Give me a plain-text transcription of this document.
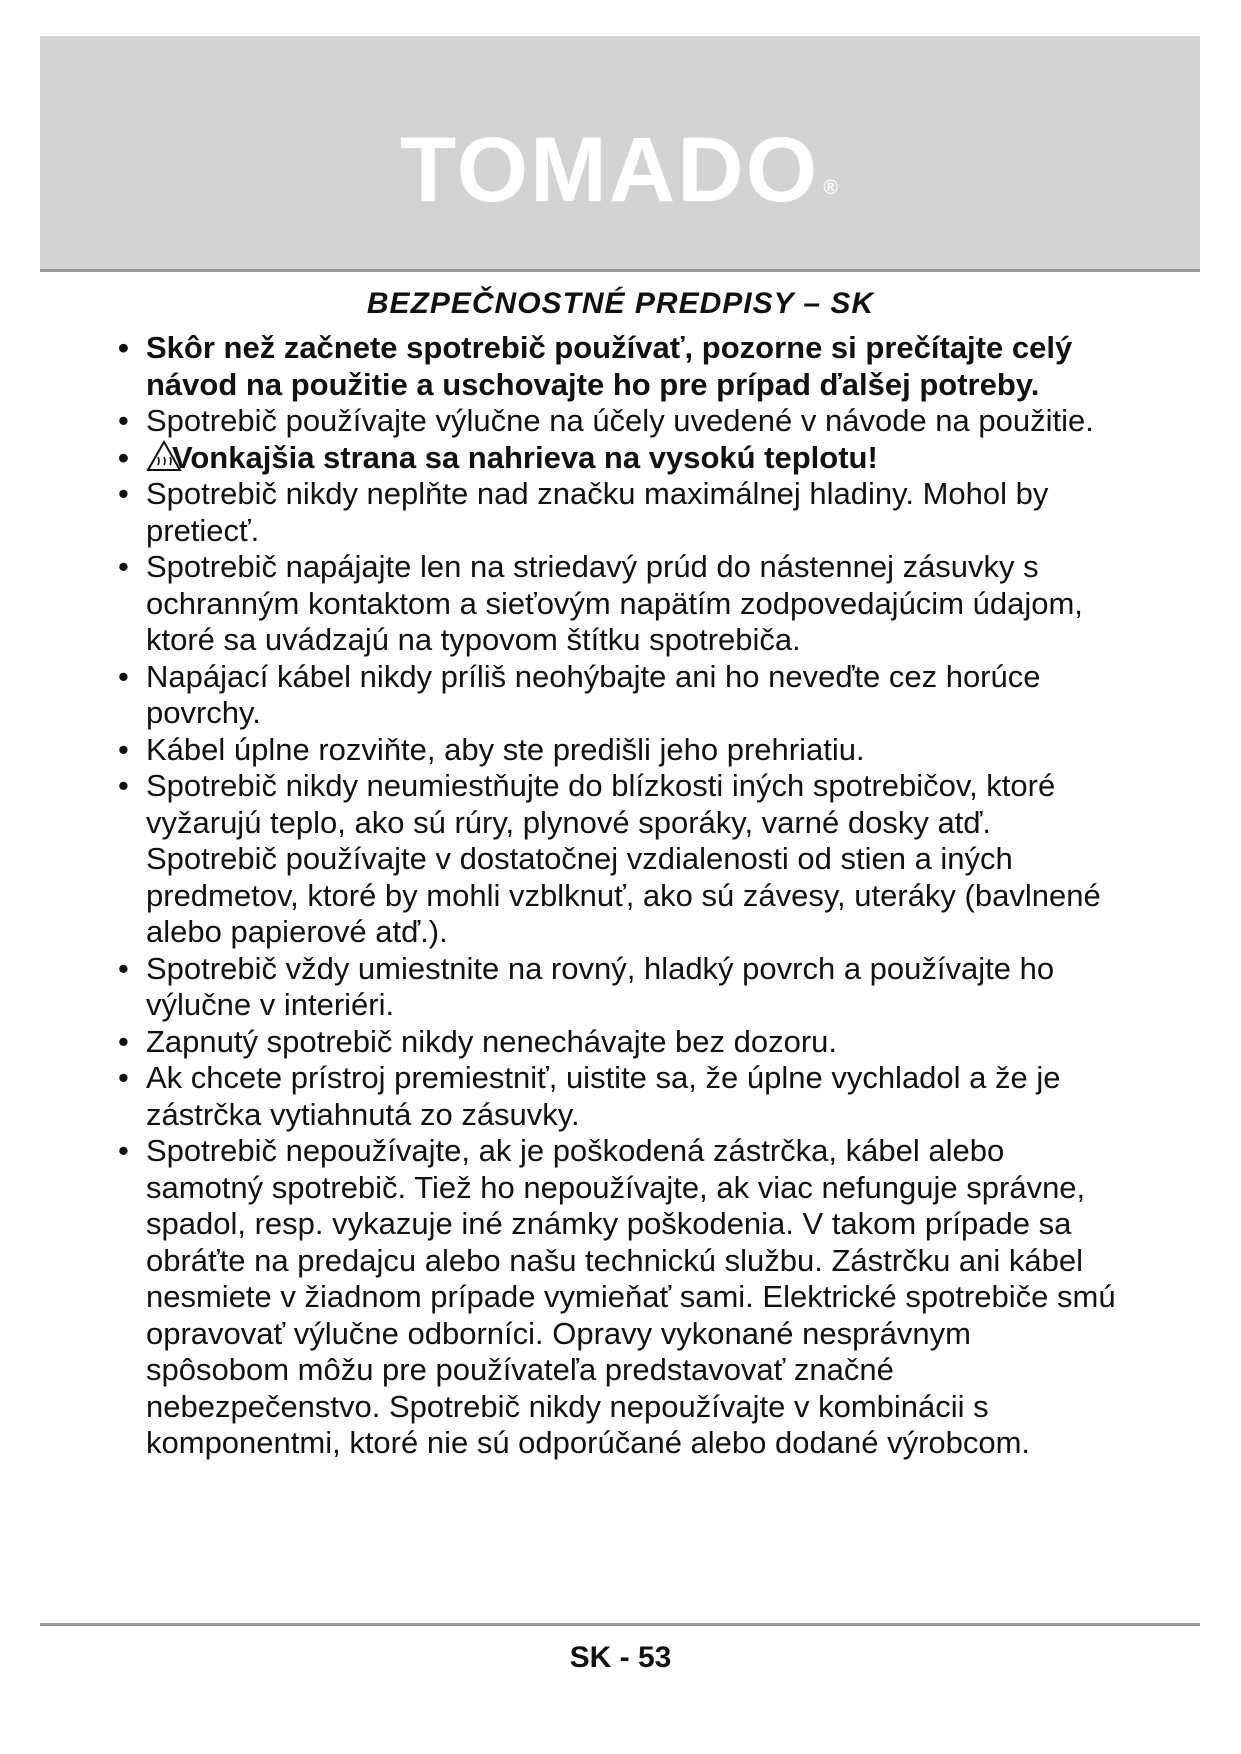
TOMADO ®
BEZPEČNOSTNÉ PREDPISY – SK
• Skôr než začnete spotrebič používať, pozorne si prečítajte celý návod na použitie a uschovajte ho pre prípad ďalšej potreby.
• Spotrebič používajte výlučne na účely uvedené v návode na použitie.
• Vonkajšia strana sa nahrieva na vysokú teplotu!
• Spotrebič nikdy neplňte nad značku maximálnej hladiny. Mohol by pretiecť.
• Spotrebič napájajte len na striedavý prúd do nástennej zásuvky s ochranným kontaktom a sieťovým napätím zodpovedajúcim údajom, ktoré sa uvádzajú na typovom štítku spotrebiča.
• Napájací kábel nikdy príliš neohýbajte ani ho neveďte cez horúce povrchy.
• Kábel úplne rozviňte, aby ste predišli jeho prehriatiu.
• Spotrebič nikdy neumiestňujte do blízkosti iných spotrebičov, ktoré vyžarujú teplo, ako sú rúry, plynové sporáky, varné dosky atď. Spotrebič používajte v dostatočnej vzdialenosti od stien a iných predmetov, ktoré by mohli vzblknuť, ako sú závesy, uteráky (bavlnené alebo papierové atď.).
• Spotrebič vždy umiestnite na rovný, hladký povrch a používajte ho výlučne v interiéri.
• Zapnutý spotrebič nikdy nenechávajte bez dozoru.
• Ak chcete prístroj premiestniť, uistite sa, že úplne vychladol a že je zástrčka vytiahnutá zo zásuvky.
• Spotrebič nepoužívajte, ak je poškodená zástrčka, kábel alebo samotný spotrebič. Tiež ho nepoužívajte, ak viac nefunguje správne, spadol, resp. vykazuje iné známky poškodenia. V takom prípade sa obráťte na predajcu alebo našu technickú službu. Zástrčku ani kábel nesmiete v žiadnom prípade vymieňať sami. Elektrické spotrebiče smú opravovať výlučne odborníci. Opravy vykonané nesprávnym spôsobom môžu pre používateľa predstavovať značné nebezpečenstvo. Spotrebič nikdy nepoužívajte v kombinácii s komponentmi, ktoré nie sú odporúčané alebo dodané výrobcom.
SK - 53
